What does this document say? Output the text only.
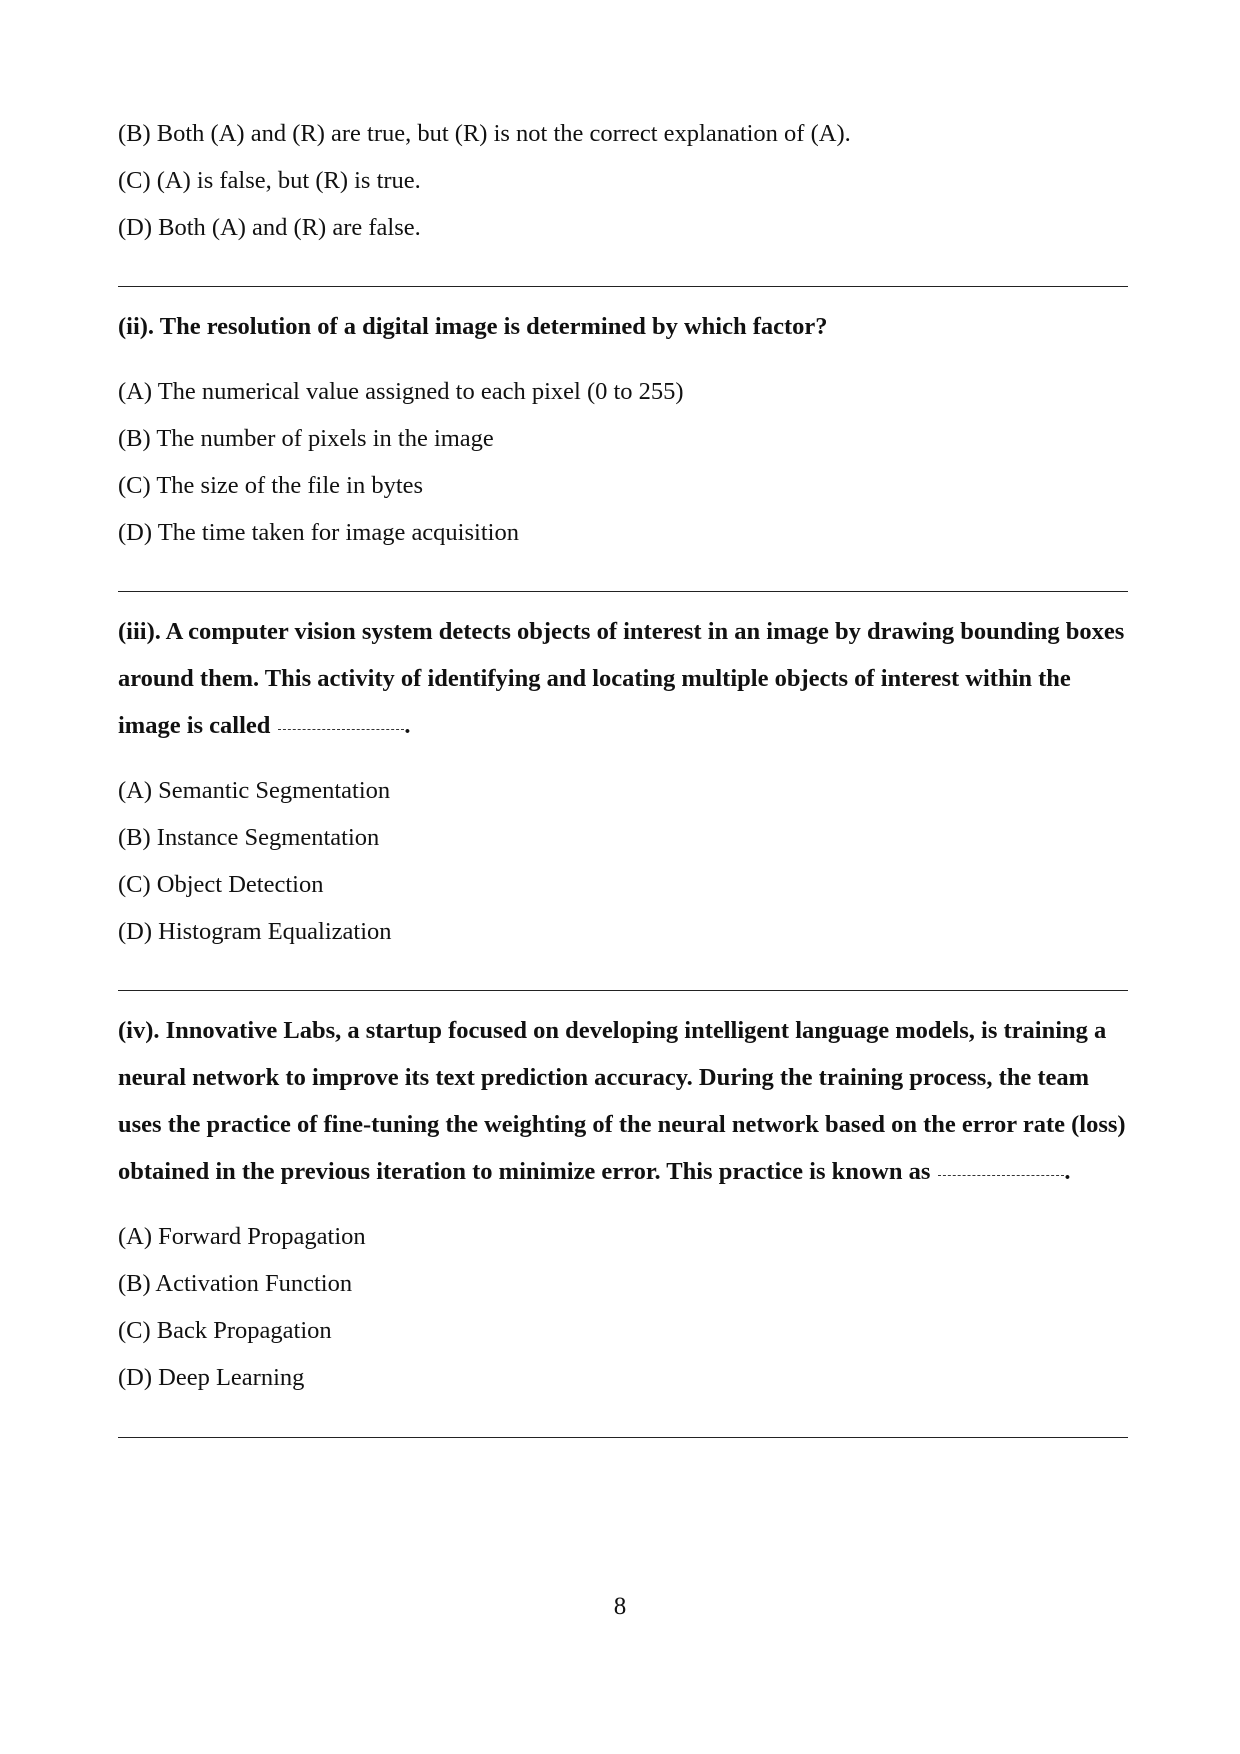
(B) Both (A) and (R) are true, but (R) is not the correct explanation of (A).
(C) (A) is false, but (R) is true.
(D) Both (A) and (R) are false.
(ii). The resolution of a digital image is determined by which factor?
(A) The numerical value assigned to each pixel (0 to 255)
(B) The number of pixels in the image
(C) The size of the file in bytes
(D) The time taken for image acquisition
(iii). A computer vision system detects objects of interest in an image by drawing bounding boxes around them. This activity of identifying and locating multiple objects of interest within the image is called	.
(A) Semantic Segmentation
(B) Instance Segmentation
(C) Object Detection
(D) Histogram Equalization
(iv). Innovative Labs, a startup focused on developing intelligent language models, is training a neural network to improve its text prediction accuracy. During the training process, the team uses the practice of fine-tuning the weighting of the neural network based on the error rate (loss) obtained in the previous iteration to minimize error. This practice is known as	.
(A) Forward Propagation
(B) Activation Function
(C) Back Propagation
(D) Deep Learning
8
